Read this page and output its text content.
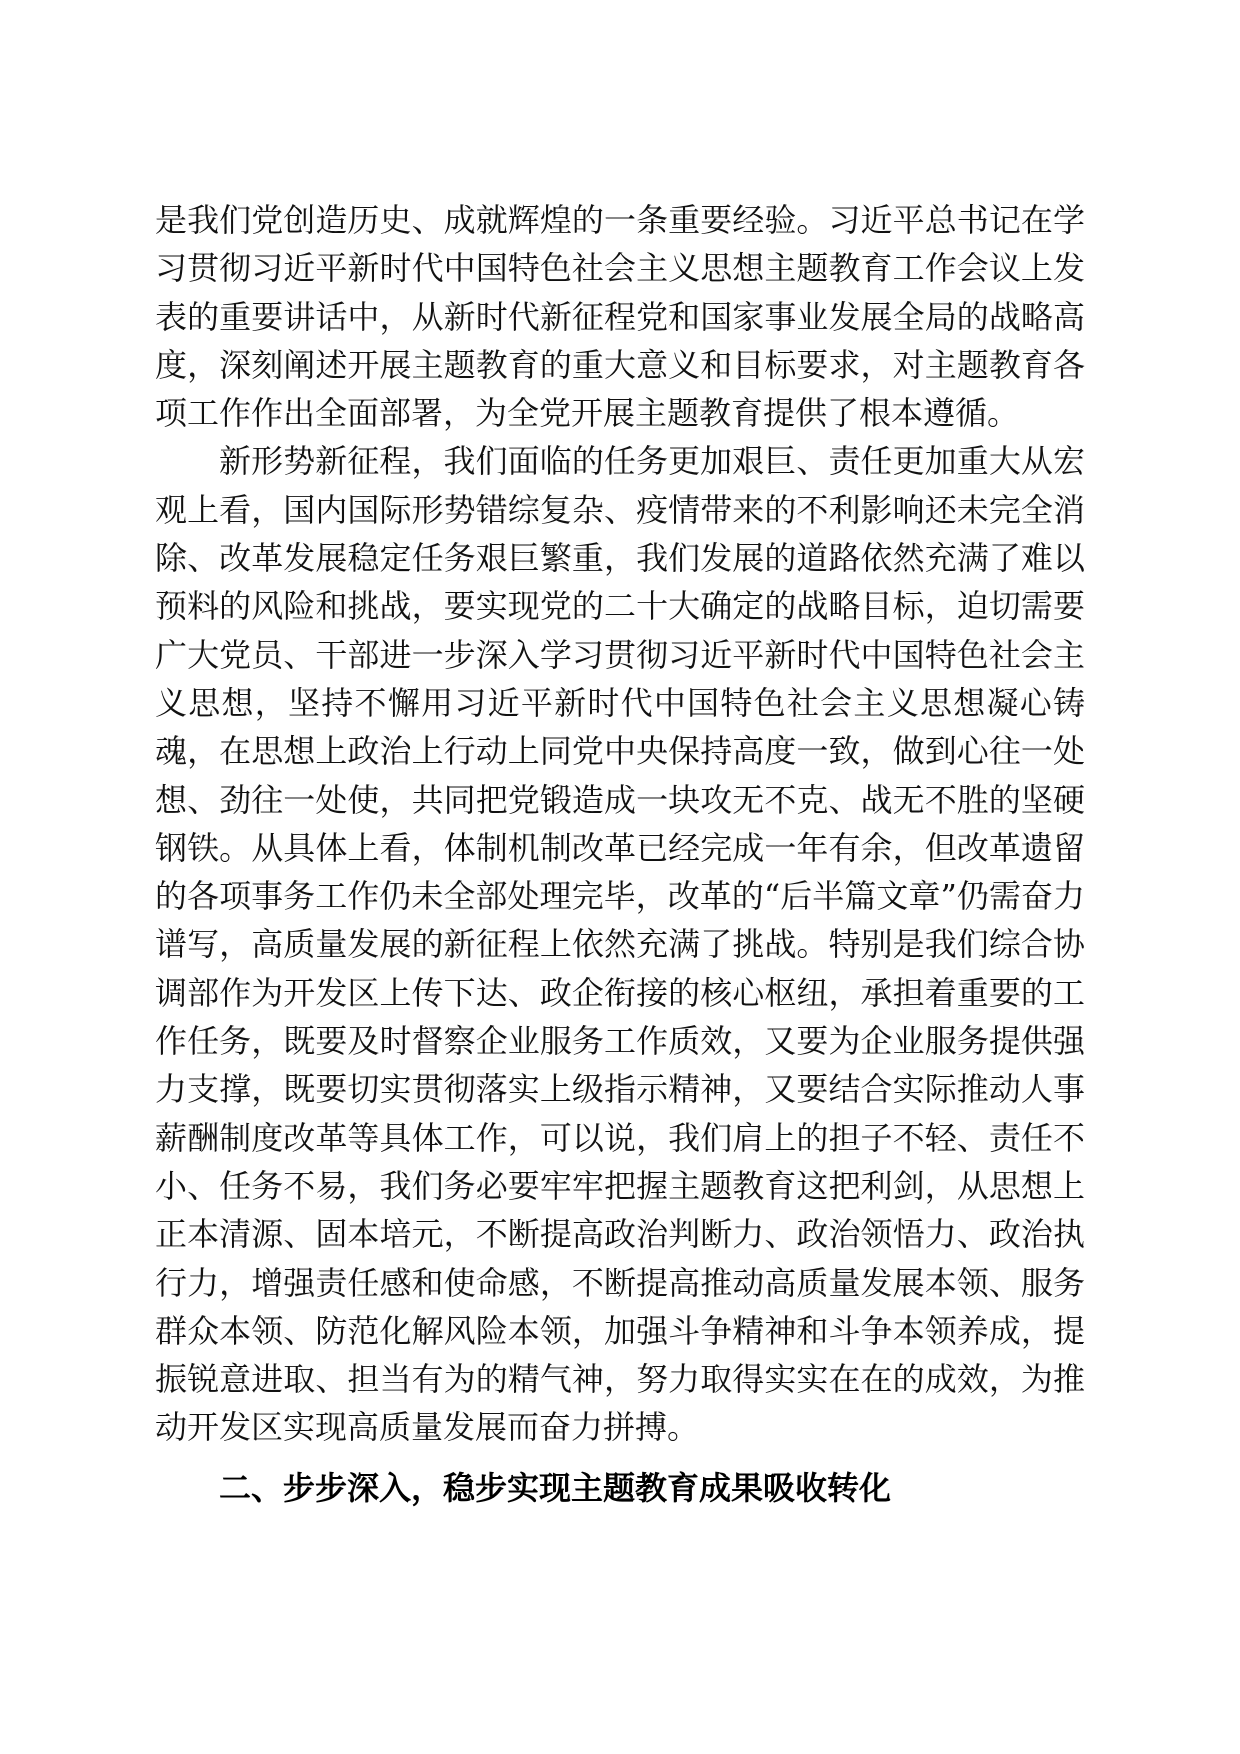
是我们党创造历史、成就辉煌的一条重要经验。习近平总书记在学习贯彻习近平新时代中国特色社会主义思想主题教育工作会议上发表的重要讲话中，从新时代新征程党和国家事业发展全局的战略高度，深刻阐述开展主题教育的重大意义和目标要求，对主题教育各项工作作出全面部署，为全党开展主题教育提供了根本遵循。

新形势新征程，我们面临的任务更加艰巨、责任更加重大从宏观上看，国内国际形势错综复杂、疫情带来的不利影响还未完全消除、改革发展稳定任务艰巨繁重，我们发展的道路依然充满了难以预料的风险和挑战，要实现党的二十大确定的战略目标，迫切需要广大党员、干部进一步深入学习贯彻习近平新时代中国特色社会主义思想，坚持不懈用习近平新时代中国特色社会主义思想凝心铸魂，在思想上政治上行动上同党中央保持高度一致，做到心往一处想、劲往一处使，共同把党锻造成一块攻无不克、战无不胜的坚硬钢铁。从具体上看，体制机制改革已经完成一年有余，但改革遗留的各项事务工作仍未全部处理完毕，改革的“后半篇文章”仍需奋力谱写，高质量发展的新征程上依然充满了挑战。特别是我们综合协调部作为开发区上传下达、政企衔接的核心枢纽，承担着重要的工作任务，既要及时督察企业服务工作质效，又要为企业服务提供强力支撑，既要切实贯彻落实上级指示精神，又要结合实际推动人事薪酬制度改革等具体工作，可以说，我们肩上的担子不轻、责任不小、任务不易，我们务必要牢牢把握主题教育这把利剑，从思想上正本清源、固本培元，不断提高政治判断力、政治领悟力、政治执行力，增强责任感和使命感，不断提高推动高质量发展本领、服务群众本领、防范化解风险本领，加强斗争精神和斗争本领养成，提振锐意进取、担当有为的精气神，努力取得实实在在的成效，为推动开发区实现高质量发展而奋力拼搏。

二、步步深入，稳步实现主题教育成果吸收转化
